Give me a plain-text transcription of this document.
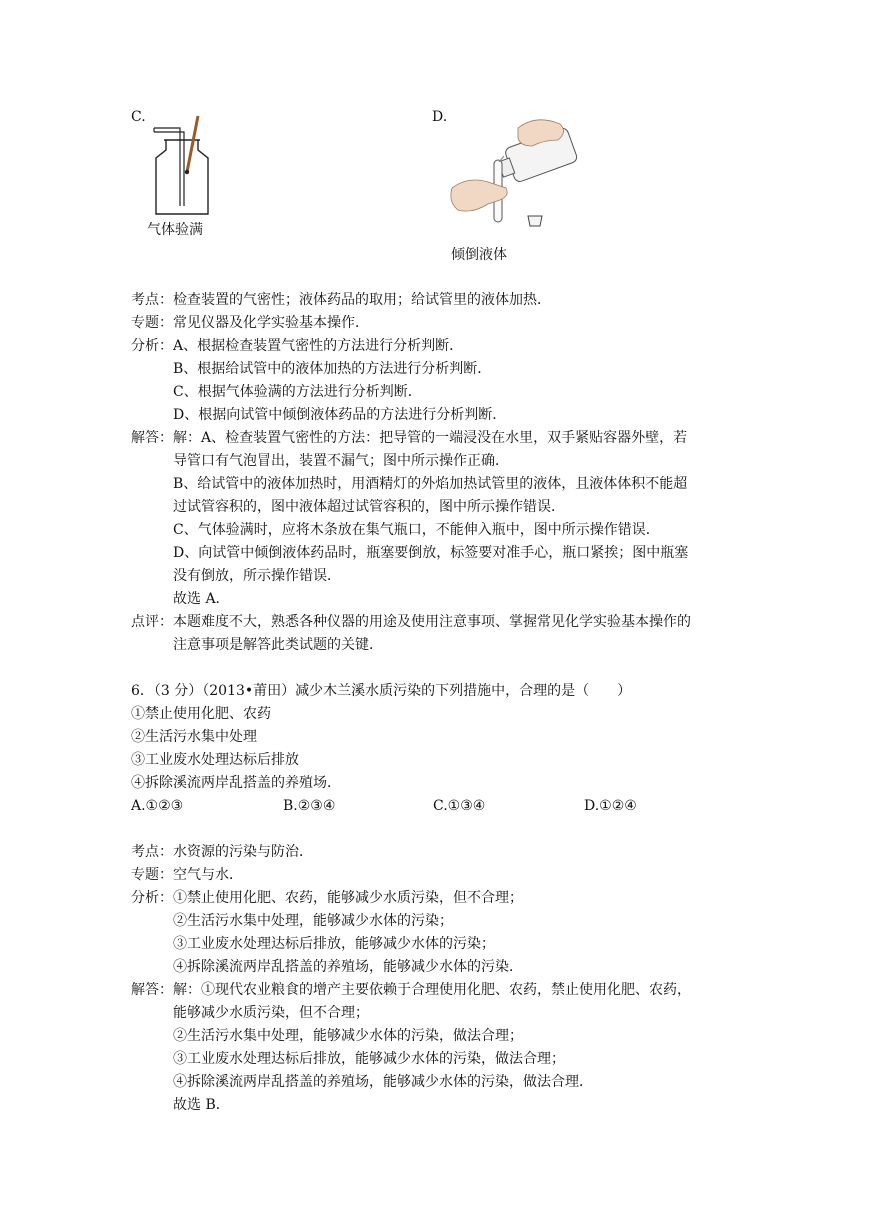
C.
气体验满
D.
倾倒液体
考点：检查装置的气密性；液体药品的取用；给试管里的液体加热．
专题：常见仪器及化学实验基本操作．
分析：A、根据检查装置气密性的方法进行分析判断．
B、根据给试管中的液体加热的方法进行分析判断．
C、根据气体验满的方法进行分析判断．
D、根据向试管中倾倒液体药品的方法进行分析判断．
解答：解：A、检查装置气密性的方法：把导管的一端浸没在水里，双手紧贴容器外壁，若
导管口有气泡冒出，装置不漏气；图中所示操作正确．
B、给试管中的液体加热时，用酒精灯的外焰加热试管里的液体，且液体体积不能超
过试管容积的，图中液体超过试管容积的，图中所示操作错误．
C、气体验满时，应将木条放在集气瓶口，不能伸入瓶中，图中所示操作错误．
D、向试管中倾倒液体药品时，瓶塞要倒放，标签要对准手心，瓶口紧挨；图中瓶塞
没有倒放，所示操作错误．
故选 A．
点评：本题难度不大，熟悉各种仪器的用途及使用注意事项、掌握常见化学实验基本操作的
注意事项是解答此类试题的关键．
6．（3 分）（2013•莆田）减少木兰溪水质污染的下列措施中，合理的是（　　）
①禁止使用化肥、农药
②生活污水集中处理
③工业废水处理达标后排放
④拆除溪流两岸乱搭盖的养殖场．
A.①②③	B.②③④	C.①③④	D.①②④
考点：水资源的污染与防治．
专题：空气与水．
分析：①禁止使用化肥、农药，能够减少水质污染，但不合理；
②生活污水集中处理，能够减少水体的污染；
③工业废水处理达标后排放，能够减少水体的污染；
④拆除溪流两岸乱搭盖的养殖场，能够减少水体的污染．
解答：解：①现代农业粮食的增产主要依赖于合理使用化肥、农药，禁止使用化肥、农药，
能够减少水质污染，但不合理；
②生活污水集中处理，能够减少水体的污染，做法合理；
③工业废水处理达标后排放，能够减少水体的污染，做法合理；
④拆除溪流两岸乱搭盖的养殖场，能够减少水体的污染，做法合理．
故选 B．
